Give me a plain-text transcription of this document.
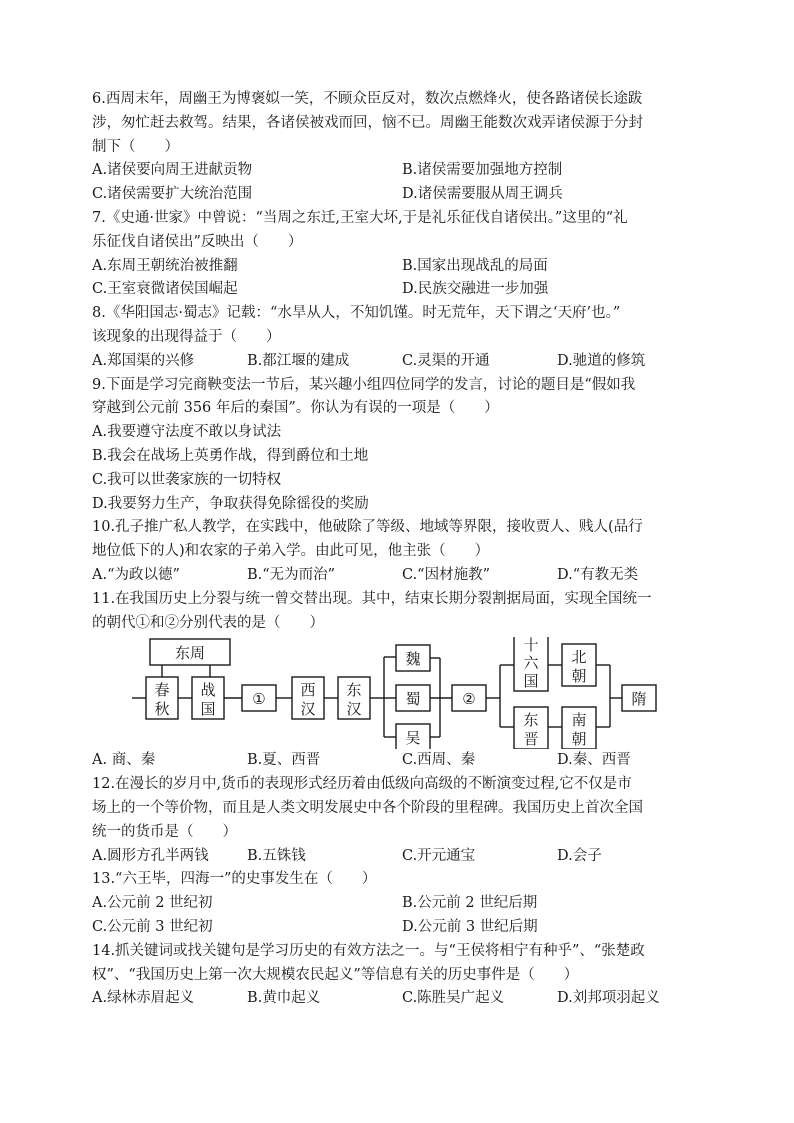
6.西周末年，周幽王为博褒姒一笑，不顾众臣反对，数次点燃烽火，使各路诸侯长途跋
涉，匆忙赶去救驾。结果，各诸侯被戏而回，恼不已。周幽王能数次戏弄诸侯源于分封
制下（　　）
A.诸侯要向周王进献贡物	B.诸侯需要加强地方控制
C.诸侯需要扩大统治范围	D.诸侯需要服从周王调兵
7.《史通·世家》中曾说：“当周之东迁,王室大坏,于是礼乐征伐自诸侯出。”这里的“礼
乐征伐自诸侯出”反映出（　　）
A.东周王朝统治被推翻	B.国家出现战乱的局面
C.王室衰微诸侯国崛起	D.民族交融进一步加强
8.《华阳国志·蜀志》记载：“水旱从人，不知饥馑。时无荒年，天下谓之‘天府’也。”
该现象的出现得益于（　　）
A.郑国渠的兴修	B.都江堰的建成	C.灵渠的开通	D.驰道的修筑
9.下面是学习完商鞅变法一节后，某兴趣小组四位同学的发言，讨论的题目是“假如我
穿越到公元前 356 年后的秦国”。你认为有误的一项是（　　）
A.我要遵守法度不敢以身试法
B.我会在战场上英勇作战，得到爵位和土地
C.我可以世袭家族的一切特权
D.我要努力生产，争取获得免除徭役的奖励
10.孔子推广私人教学，在实践中，他破除了等级、地域等界限，接收贾人、贱人(品行
地位低下的人)和农家的子弟入学。由此可见，他主张（　　）
A.“为政以德”	B.“无为而治”	C.“因材施教”	D.“有教无类
11.在我国历史上分裂与统一曾交替出现。其中，结束长期分裂割据局面，实现全国统一
的朝代①和②分别代表的是（　　）
东周
春
秋
战
国
① 西
汉
东
汉
魏
蜀
吴
②
十
六
国
北
朝
东
晋
南
朝
隋
A. 商、秦	B.夏、西晋	C.西周、秦	D.秦、西晋
12.在漫长的岁月中,货币的表现形式经历着由低级向高级的不断演变过程,它不仅是市
场上的一个等价物，而且是人类文明发展史中各个阶段的里程碑。我国历史上首次全国
统一的货币是（　　）
A.圆形方孔半两钱	B.五铢钱	C.开元通宝	D.会子
13.“六王毕，四海一”的史事发生在（　　）
A.公元前 2 世纪初	B.公元前 2 世纪后期
C.公元前 3 世纪初	D.公元前 3 世纪后期
14.抓关键词或找关键句是学习历史的有效方法之一。与“王侯将相宁有种乎”、“张楚政
权”、“我国历史上第一次大规模农民起义”等信息有关的历史事件是（　　）
A.绿林赤眉起义	B.黄巾起义	C.陈胜吴广起义	D.刘邦项羽起义
